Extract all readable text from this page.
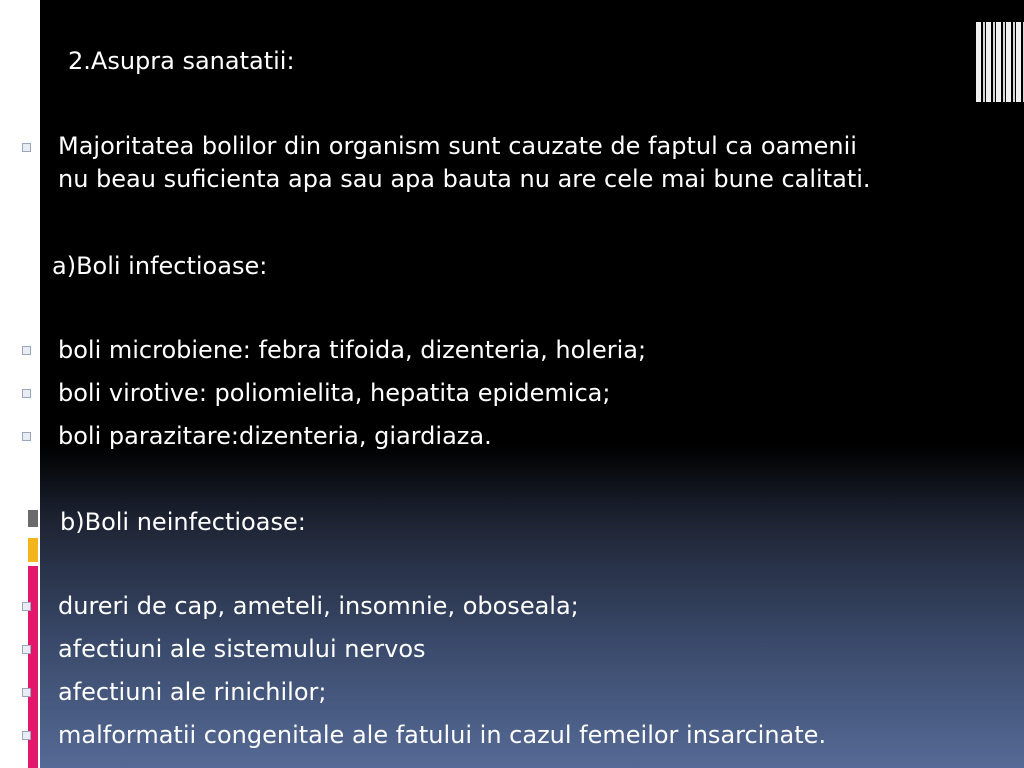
2.Asupra sanatatii:
Majoritatea bolilor din organism sunt cauzate de faptul ca oamenii
nu beau suficienta apa sau apa bauta nu are cele mai bune calitati.
a)Boli infectioase:
boli microbiene: febra tifoida, dizenteria, holeria;
boli virotive: poliomielita, hepatita epidemica;
boli parazitare:dizenteria, giardiaza.
b)Boli neinfectioase:
dureri de cap, ameteli, insomnie, oboseala;
afectiuni ale sistemului nervos
afectiuni ale rinichilor;
malformatii congenitale ale fatului in cazul femeilor insarcinate.
